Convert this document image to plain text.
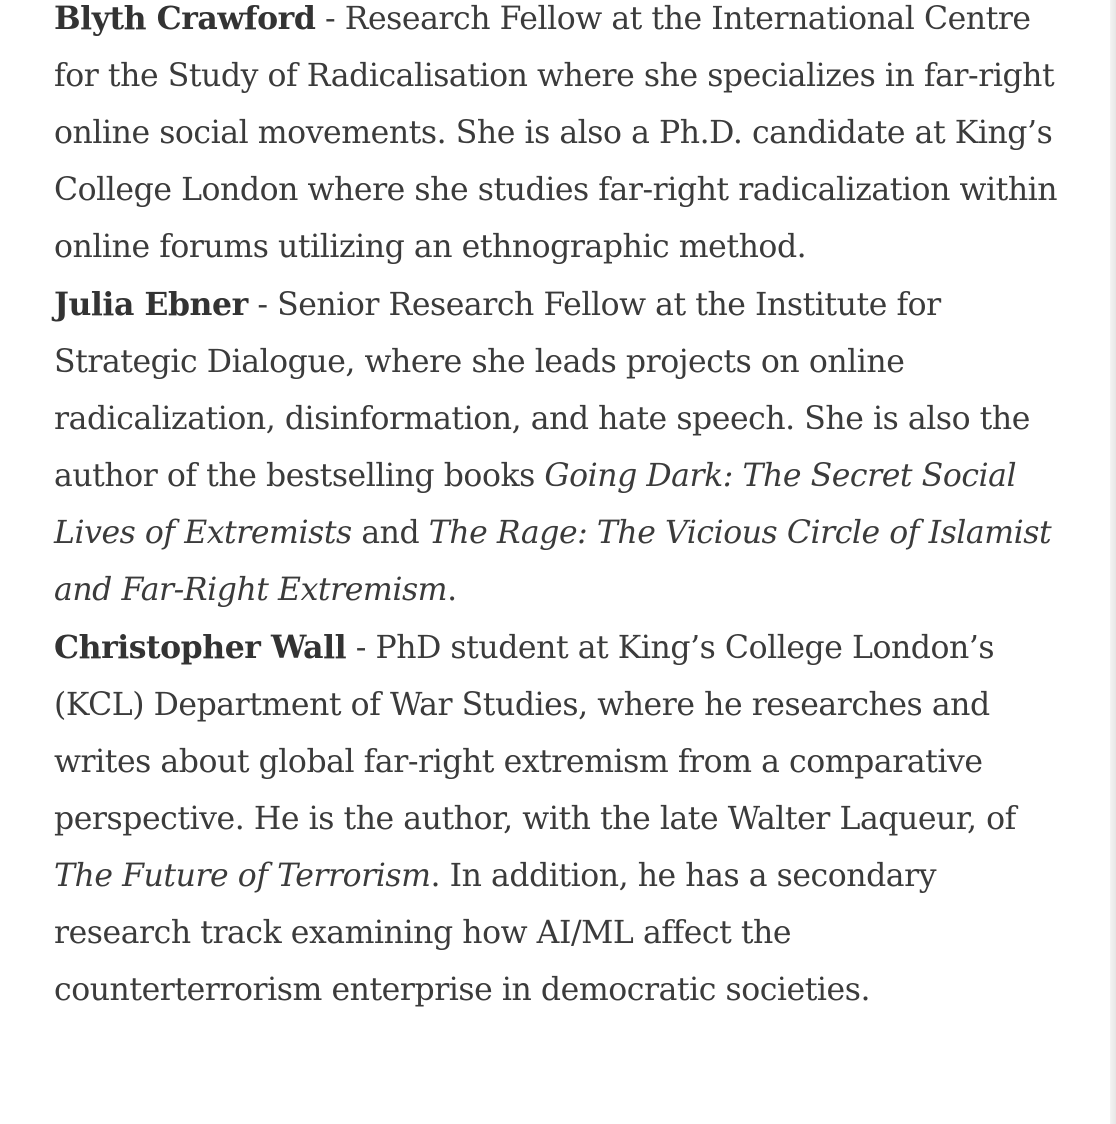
Blyth Crawford - Research Fellow at the International Centre for the Study of Radicalisation where she specializes in far-right online social movements. She is also a Ph.D. candidate at King’s College London where she studies far-right radicalization within online forums utilizing an ethnographic method.

Julia Ebner - Senior Research Fellow at the Institute for Strategic Dialogue, where she leads projects on online radicalization, disinformation, and hate speech. She is also the author of the bestselling books Going Dark: The Secret Social Lives of Extremists and The Rage: The Vicious Circle of Islamist and Far-Right Extremism.

Christopher Wall - PhD student at King’s College London’s (KCL) Department of War Studies, where he researches and writes about global far-right extremism from a comparative perspective. He is the author, with the late Walter Laqueur, of The Future of Terrorism. In addition, he has a secondary research track examining how AI/ML affect the counterterrorism enterprise in democratic societies.
